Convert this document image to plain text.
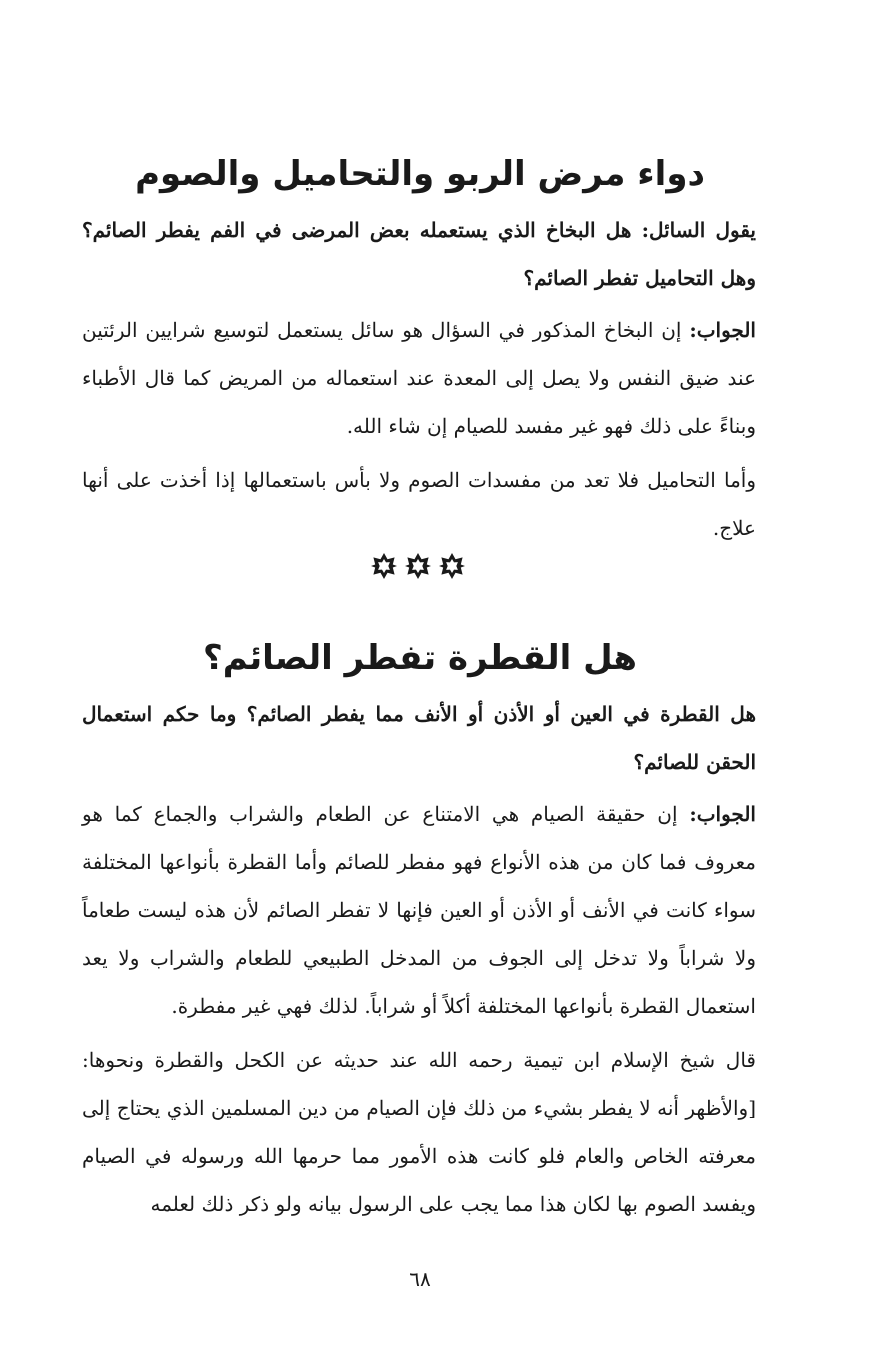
دواء مرض الربو والتحاميل والصوم

يقول السائل: هل البخاخ الذي يستعمله بعض المرضى في الفم يفطر الصائم؟ وهل التحاميل تفطر الصائم؟

الجواب: إن البخاخ المذكور في السؤال هو سائل يستعمل لتوسيع شرايين الرئتين عند ضيق النفس ولا يصل إلى المعدة عند استعماله من المريض كما قال الأطباء وبناءً على ذلك فهو غير مفسد للصيام إن شاء الله.

وأما التحاميل فلا تعد من مفسدات الصوم ولا بأس باستعمالها إذا أخذت على أنها علاج.

هل القطرة تفطر الصائم؟

هل القطرة في العين أو الأذن أو الأنف مما يفطر الصائم؟ وما حكم استعمال الحقن للصائم؟

الجواب: إن حقيقة الصيام هي الامتناع عن الطعام والشراب والجماع كما هو معروف فما كان من هذه الأنواع فهو مفطر للصائم وأما القطرة بأنواعها المختلفة سواء كانت في الأنف أو الأذن أو العين فإنها لا تفطر الصائم لأن هذه ليست طعاماً ولا شراباً ولا تدخل إلى الجوف من المدخل الطبيعي للطعام والشراب ولا يعد استعمال القطرة بأنواعها المختلفة أكلاً أو شراباً. لذلك فهي غير مفطرة.

قال شيخ الإسلام ابن تيمية رحمه الله عند حديثه عن الكحل والقطرة ونحوها: [والأظهر أنه لا يفطر بشيء من ذلك فإن الصيام من دين المسلمين الذي يحتاج إلى معرفته الخاص والعام فلو كانت هذه الأمور مما حرمها الله ورسوله في الصيام ويفسد الصوم بها لكان هذا مما يجب على الرسول بيانه ولو ذكر ذلك لعلمه

٦٨
